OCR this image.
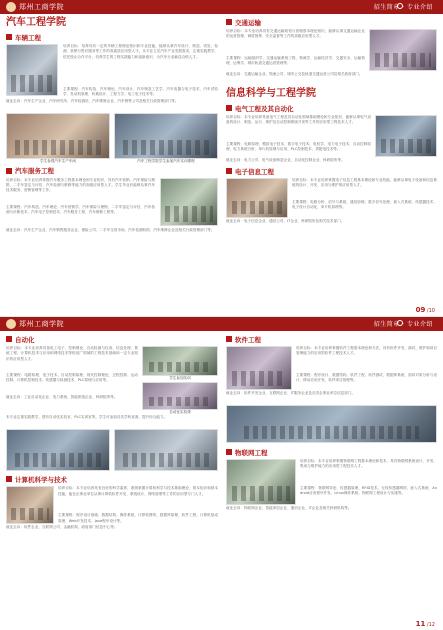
郑州工商学院	招生简章 · 专业介绍
汽车工程学院
车辆工程

培养目标：培养具有一定的车辆工程理论知识和专业技能，能够从事汽车设计、制造、试验、检测、营销与售后服务等工作的高素质应用型人才。本专业立足汽车产业发展需求，注重实践教学，依托校企合作平台，培养学生的工程实践能力和创新意识，为汽车行业输送合格人才。

主要课程：汽车构造、汽车理论、汽车设计、汽车制造工艺学、汽车电器与电子技术、汽车试验学、发动机原理、机械设计、工程力学、电工电子技术等。

就业去向：汽车生产企业、汽车研究所、汽车检测站、汽车维修企业、汽车销售公司及相关行政管理部门等。

学生参观汽车生产车间	汽车工程学院学生参加汽车实训课程

汽车服务工程

培养目标：本专业培养掌握汽车服务工程基本理论和专业知识，具有汽车营销、汽车保险与理赔、二手车鉴定与评估、汽车检测与维修等能力的高级应用型人才。学生毕业后能够从事汽车技术服务、营销管理等工作。

主要课程：汽车构造、汽车理论、汽车营销学、汽车保险与理赔、二手车鉴定与评估、汽车检测与诊断技术、汽车电子控制技术、汽车服务工程、汽车维修工程等。

就业去向：汽车生产企业、汽车销售服务企业、保险公司、二手车交易市场、汽车检测机构、汽车维修企业及相关行政管理部门等。

交通运输

培养目标：本专业培养具有交通运输规划与管理基本理论知识，能够从事交通运输企业的运营管理、调度指挥、安全监督等工作的高级应用型人才。

主要课程：运输组织学、交通运输系统工程、物流学、运输经济学、交通安全、运输管理、运筹学、城市轨道交通运营管理等。

就业去向：交通运输企业、物流公司、城市公交及轨道交通运营公司及相关政府部门。

信息科学与工程学院
电气工程及其自动化

培养目标：本专业培养具备电气工程及其自动化领域基础理论和专业知识，能够从事电气设备的设计、制造、运行、维护及自动控制系统开发等工作的应用型工程技术人才。

主要课程：电路原理、模拟电子技术、数字电子技术、电机学、电力电子技术、自动控制原理、电力系统分析、单片机原理与应用、PLC控制技术、供配电技术等。

就业去向：电力公司、电气设备制造企业、自动化控制企业、科研院所等。

电子信息工程

培养目标：本专业培养掌握电子信息工程基本理论和专业技能，能够从事电子设备和信息系统的设计、开发、应用与维护的应用型人才。

主要课程：电路分析、信号与系统、通信原理、数字信号处理、嵌入式系统、传感器技术、电子设计自动化、单片机原理等。

就业去向：电子信息企业、通信公司、IT企业、科研院所及相关技术部门。

09 /10
郑州工商学院	招生简章 · 专业介绍
自动化

培养目标：本专业培养具备电工电子、控制理论、自动检测与仪表、信息处理、系统工程、计算机技术与应用和网络技术等较宽广领域的工程技术基础和一定专业知识的应用型人才。

主要课程：电路原理、电子技术、自动控制原理、现代控制理论、过程控制、运动控制、计算机控制技术、传感器与检测技术、PLC原理与应用等。

就业去向：工业自动化企业、电力系统、智能制造企业、科研院所等。

学生参加实训

自动化实验课

本专业注重实践教学，建有自动化实验室、PLC实训室等，学生可参加各类学科竞赛，提升综合能力。

计算机科学与技术

培养目标：本专业培养具有良好的科学素养，系统掌握计算机科学与技术基础理论、基本知识和基本技能，能在企事业单位从事计算机软件开发、系统设计、网络管理等工作的应用型专门人才。

主要课程：程序设计基础、数据结构、操作系统、计算机网络、数据库原理、软件工程、计算机组成原理、Web开发技术、Java程序设计等。

就业去向：软件企业、互联网公司、金融机构、政府部门信息中心等。

软件工程

培养目标：本专业培养掌握软件工程基本理论和方法，具有软件开发、测试、维护和项目管理能力的应用型软件工程技术人才。

主要课程：程序设计、数据结构、软件工程、软件测试、数据库系统、面向对象分析与设计、移动应用开发、软件项目管理等。

就业去向：软件开发企业、互联网企业、IT服务企业及各类企事业单位信息部门。

物联网工程

培养目标：本专业培养掌握物联网工程基本理论和技术，具有物联网系统设计、开发、集成与维护能力的应用型工程技术人才。

主要课程：物联网导论、传感器原理、RFID技术、无线传感器网络、嵌入式系统、Android应用程序开发、Linux操作系统、物联网工程设计与实施等。

就业去向：物联网企业、智能家居企业、通信企业、IT企业及相关科研机构等。

11 /12
